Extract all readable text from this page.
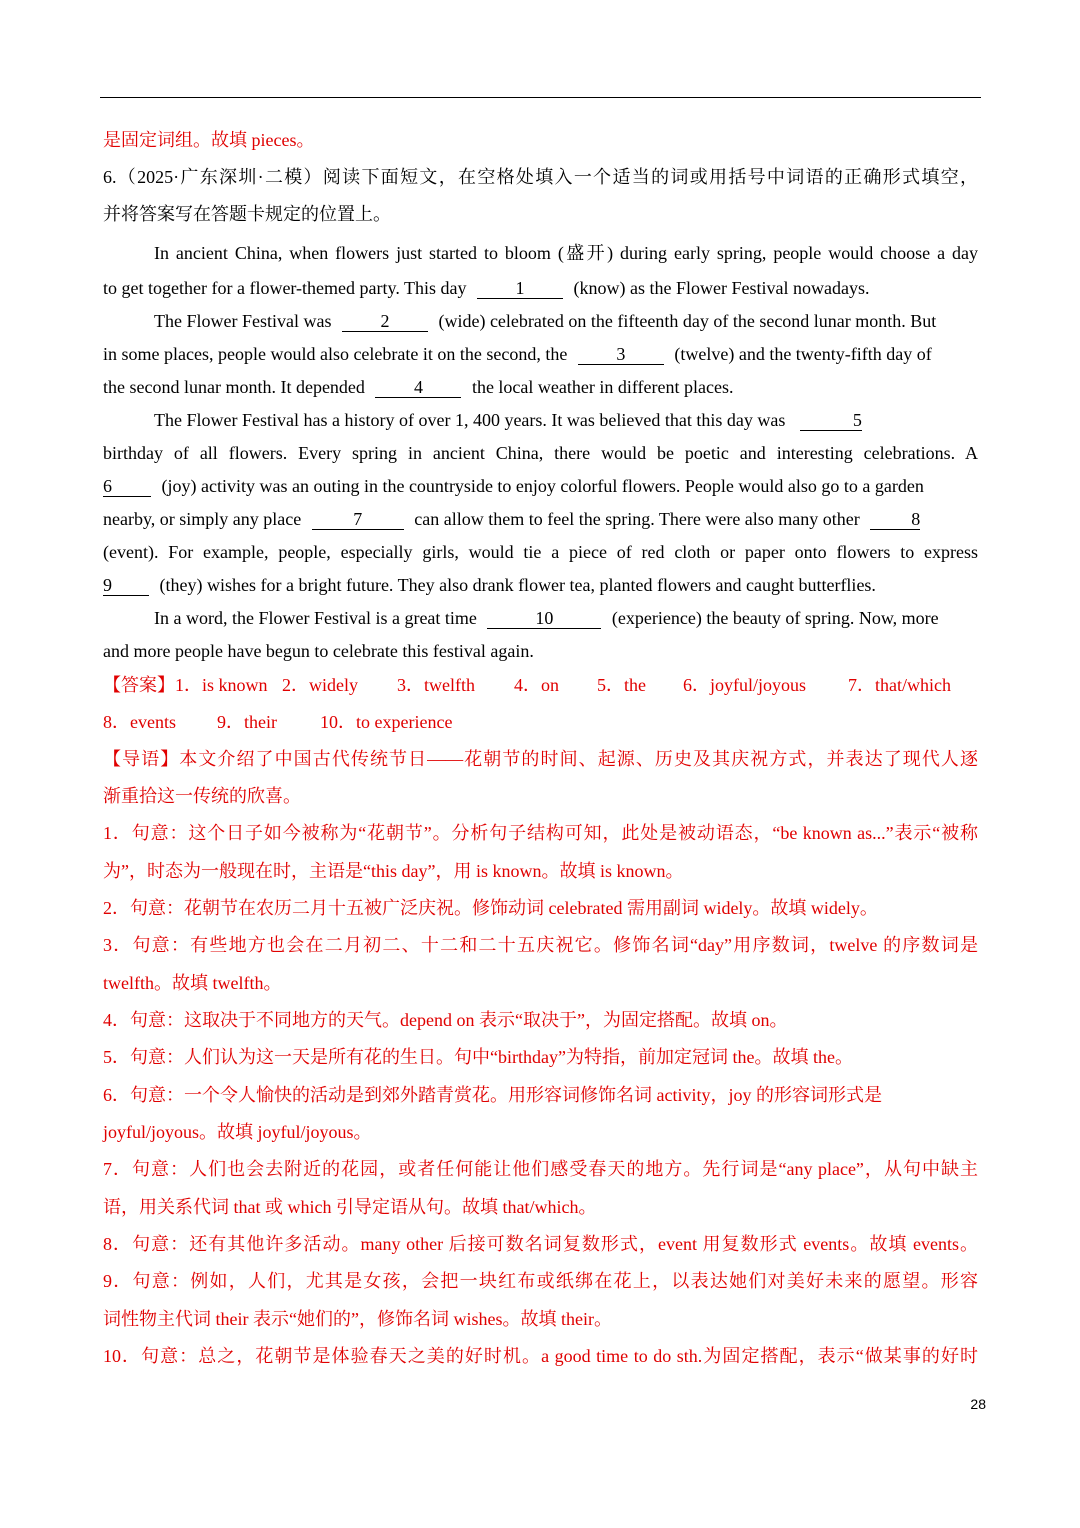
是固定词组。故填 pieces。
6.（2025·广东深圳·二模）阅读下面短文，在空格处填入一个适当的词或用括号中词语的正确形式填空，
并将答案写在答题卡规定的位置上。
In ancient China, when flowers just started to bloom (盛开) during early spring, people would choose a day
to get together for a flower-themed party. This day	1	(know) as the Flower Festival nowadays.
The Flower Festival was	2	(wide) celebrated on the fifteenth day of the second lunar month. But
in some places, people would also celebrate it on the second, the	3	(twelve) and the twenty-fifth day of
the second lunar month. It depended	4	the local weather in different places.
The Flower Festival has a history of over 1, 400 years. It was believed that this day was	5
birthday of all flowers. Every spring in ancient China, there would be poetic and interesting celebrations. A
6	(joy) activity was an outing in the countryside to enjoy colorful flowers. People would also go to a garden
nearby, or simply any place	7	can allow them to feel the spring. There were also many other	8
(event). For example, people, especially girls, would tie a piece of red cloth or paper onto flowers to express
9	(they) wishes for a bright future. They also drank flower tea, planted flowers and caught butterflies.
In a word, the Flower Festival is a great time	10	(experience) the beauty of spring. Now, more
and more people have begun to celebrate this festival again.
【答案】1．is known 2．widely 3．twelfth 4．on 5．the 6．joyful/joyous 7．that/which
8．events 9．their 10．to experience
【导语】本文介绍了中国古代传统节日——花朝节的时间、起源、历史及其庆祝方式，并表达了现代人逐
渐重拾这一传统的欣喜。
1．句意：这个日子如今被称为“花朝节”。分析句子结构可知，此处是被动语态，“be known as...”表示“被称
为”，时态为一般现在时，主语是“this day”，用 is known。故填 is known。
2．句意：花朝节在农历二月十五被广泛庆祝。修饰动词 celebrated 需用副词 widely。故填 widely。
3．句意：有些地方也会在二月初二、十二和二十五庆祝它。修饰名词“day”用序数词，twelve 的序数词是
twelfth。故填 twelfth。
4．句意：这取决于不同地方的天气。depend on 表示“取决于”，为固定搭配。故填 on。
5．句意：人们认为这一天是所有花的生日。句中“birthday”为特指，前加定冠词 the。故填 the。
6．句意：一个令人愉快的活动是到郊外踏青赏花。用形容词修饰名词 activity，joy 的形容词形式是
joyful/joyous。故填 joyful/joyous。
7．句意：人们也会去附近的花园，或者任何能让他们感受春天的地方。先行词是“any place”，从句中缺主
语，用关系代词 that 或 which 引导定语从句。故填 that/which。
8．句意：还有其他许多活动。many other 后接可数名词复数形式，event 用复数形式 events。故填 events。
9．句意：例如，人们，尤其是女孩，会把一块红布或纸绑在花上，以表达她们对美好未来的愿望。形容
词性物主代词 their 表示“她们的”，修饰名词 wishes。故填 their。
10．句意：总之，花朝节是体验春天之美的好时机。a good time to do sth.为固定搭配，表示“做某事的好时
28
